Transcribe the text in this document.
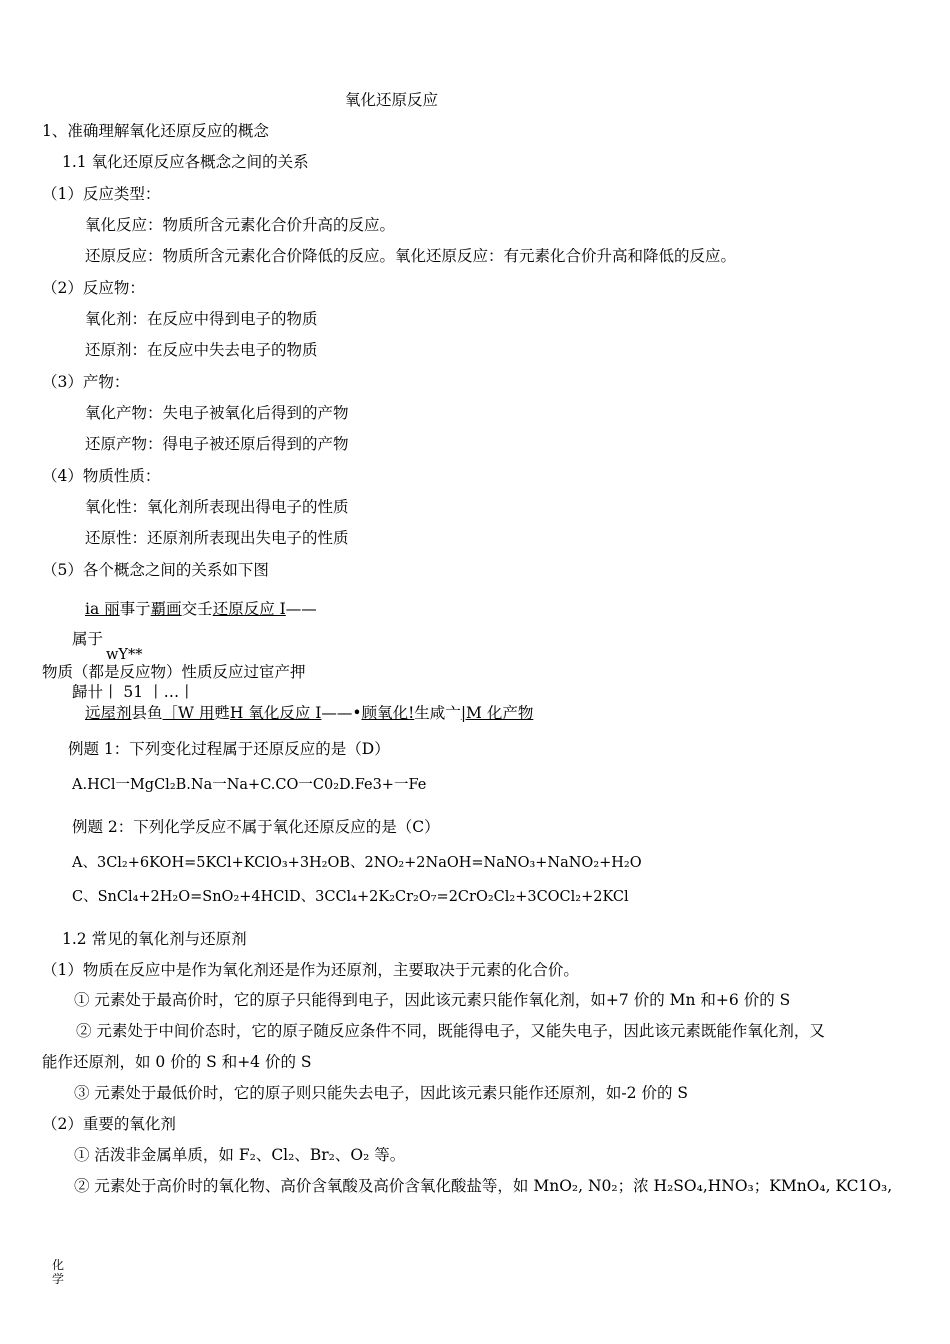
氧化还原反应
1、准确理解氧化还原反应的概念
1.1 氧化还原反应各概念之间的关系
（1）反应类型：
氧化反应：物质所含元素化合价升高的反应。
还原反应：物质所含元素化合价降低的反应。氧化还原反应：有元素化合价升高和降低的反应。
（2）反应物：
氧化剂：在反应中得到电子的物质
还原剂：在反应中失去电子的物质
（3）产物：
氧化产物：失电子被氧化后得到的产物
还原产物：得电子被还原后得到的产物
（4）物质性质：
氧化性：氧化剂所表现出得电子的性质
还原性：还原剂所表现出失电子的性质
（5）各个概念之间的关系如下图
ia 丽事亍覇画交壬还原反应 I——
属于
wY**
物质（都是反应物）性质反应过宦产押
歸卄丨 51 丨…丨
远屋剂县鱼［W 用甦H 氧化反应 I——•顾氧化!生咸亠|M 化产物
例题 1：下列变化过程属于还原反应的是（D）
A.HCl一MgCl₂B.Na一Na+C.CO一C0₂D.Fe3+一Fe
例题 2：下列化学反应不属于氧化还原反应的是（C）
A、3Cl₂+6KOH=5KCl+KClO₃+3H₂OB、2NO₂+2NaOH=NaNO₃+NaNO₂+H₂O
C、SnCl₄+2H₂O=SnO₂+4HClD、3CCl₄+2K₂Cr₂O₇=2CrO₂Cl₂+3COCl₂+2KCl
1.2 常见的氧化剂与还原剂
（1）物质在反应中是作为氧化剂还是作为还原剂，主要取决于元素的化合价。
① 元素处于最高价时，它的原子只能得到电子，因此该元素只能作氧化剂，如+7 价的 Mn 和+6 价的 S
② 元素处于中间价态时，它的原子随反应条件不同，既能得电子，又能失电子，因此该元素既能作氧化剂，又
能作还原剂，如 0 价的 S 和+4 价的 S
③ 元素处于最低价时，它的原子则只能失去电子，因此该元素只能作还原剂，如-2 价的 S
（2）重要的氧化剂
① 活泼非金属单质，如 F₂、Cl₂、Br₂、O₂ 等。
② 元素处于高价时的氧化物、高价含氧酸及高价含氧化酸盐等，如 MnO₂, N0₂；浓 H₂SO₄,HNO₃；KMnO₄, KC1O₃,
化学
